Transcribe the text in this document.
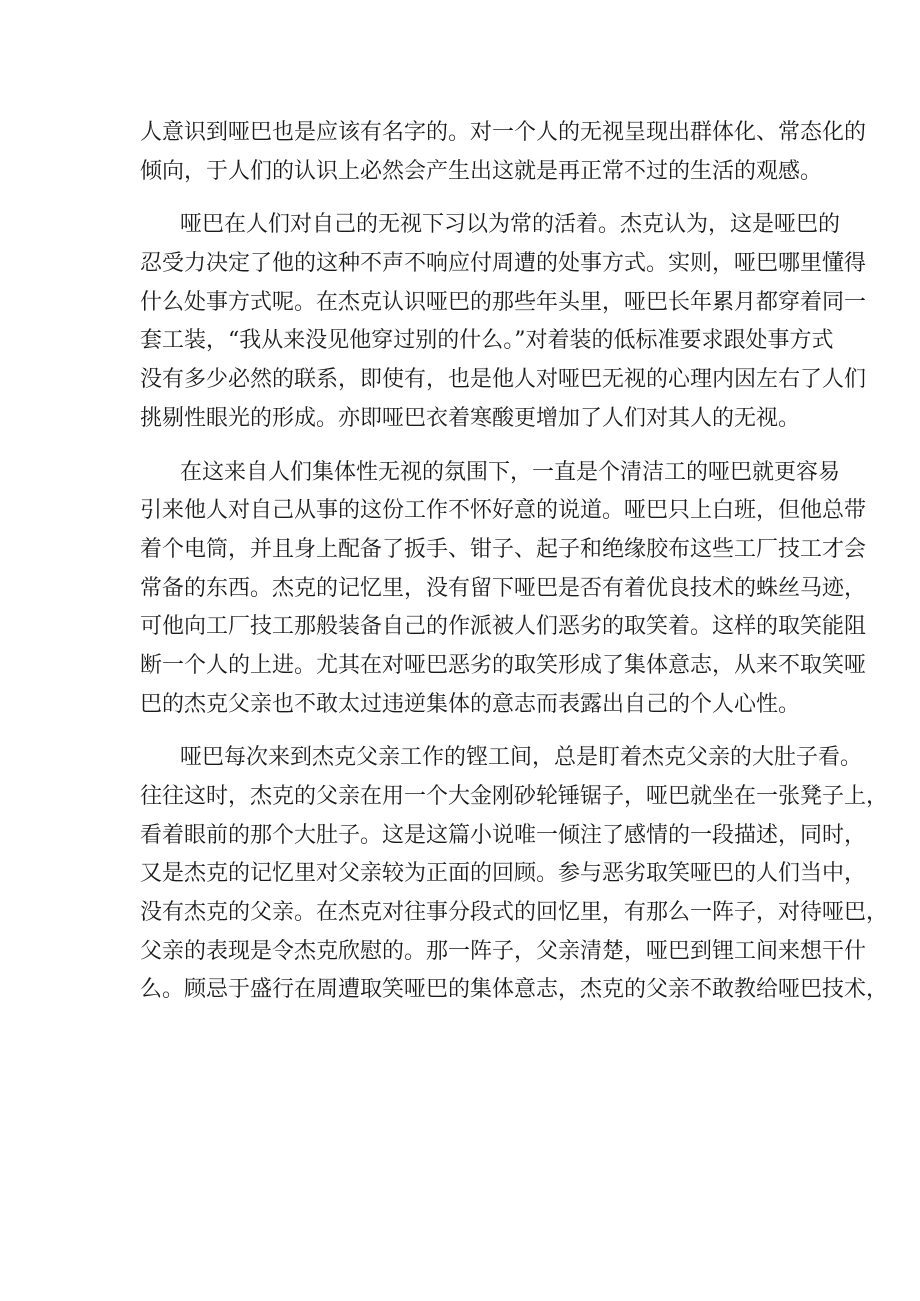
人意识到哑巴也是应该有名字的。对一个人的无视呈现出群体化、常态化的
倾向，于人们的认识上必然会产生出这就是再正常不过的生活的观感。
哑巴在人们对自己的无视下习以为常的活着。杰克认为，这是哑巴的
忍受力决定了他的这种不声不响应付周遭的处事方式。实则，哑巴哪里懂得
什么处事方式呢。在杰克认识哑巴的那些年头里，哑巴长年累月都穿着同一
套工装，“我从来没见他穿过别的什么。”对着装的低标准要求跟处事方式
没有多少必然的联系，即使有，也是他人对哑巴无视的心理内因左右了人们
挑剔性眼光的形成。亦即哑巴衣着寒酸更增加了人们对其人的无视。
在这来自人们集体性无视的氛围下，一直是个清洁工的哑巴就更容易
引来他人对自己从事的这份工作不怀好意的说道。哑巴只上白班，但他总带
着个电筒，并且身上配备了扳手、钳子、起子和绝缘胶布这些工厂技工才会
常备的东西。杰克的记忆里，没有留下哑巴是否有着优良技术的蛛丝马迹，
可他向工厂技工那般装备自己的作派被人们恶劣的取笑着。这样的取笑能阻
断一个人的上进。尤其在对哑巴恶劣的取笑形成了集体意志，从来不取笑哑
巴的杰克父亲也不敢太过违逆集体的意志而表露出自己的个人心性。
哑巴每次来到杰克父亲工作的铿工间，总是盯着杰克父亲的大肚子看。
往往这时，杰克的父亲在用一个大金刚砂轮锤锯子，哑巴就坐在一张凳子上，
看着眼前的那个大肚子。这是这篇小说唯一倾注了感情的一段描述，同时，
又是杰克的记忆里对父亲较为正面的回顾。参与恶劣取笑哑巴的人们当中，
没有杰克的父亲。在杰克对往事分段式的回忆里，有那么一阵子，对待哑巴，
父亲的表现是令杰克欣慰的。那一阵子，父亲清楚，哑巴到锂工间来想干什
么。顾忌于盛行在周遭取笑哑巴的集体意志，杰克的父亲不敢教给哑巴技术，
